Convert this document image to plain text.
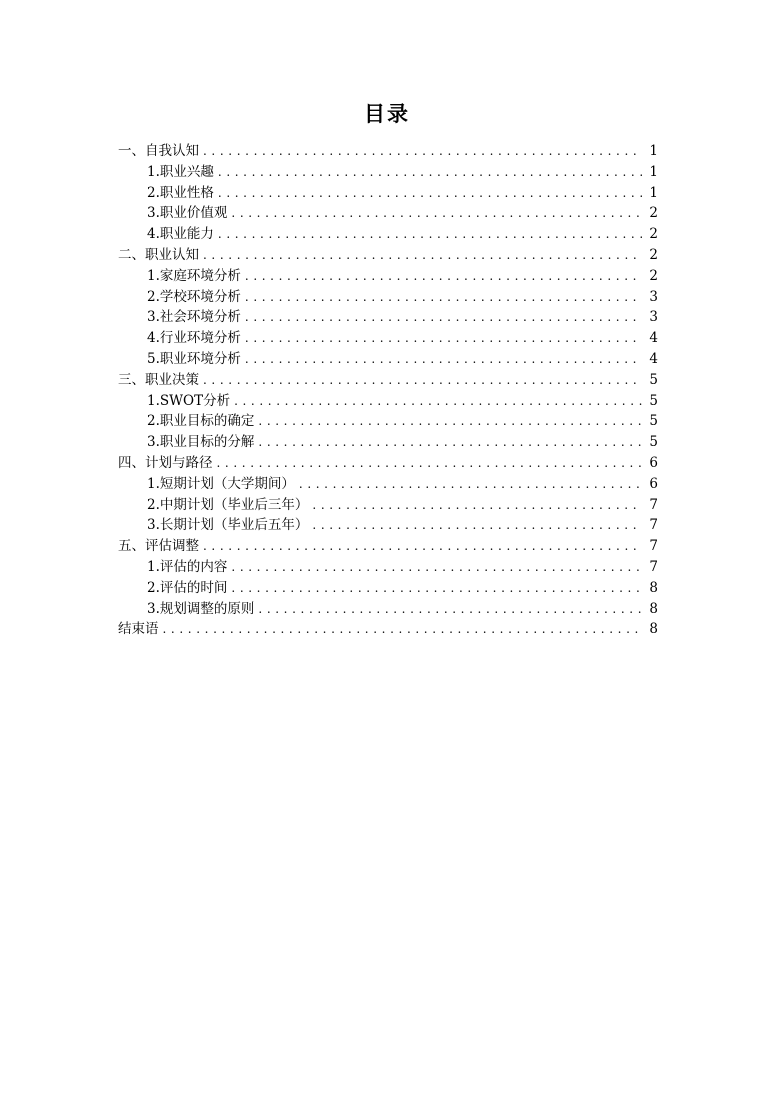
目录
一、自我认知 . . .	1
1.职业兴趣 . . .	1
2.职业性格 . . .	1
3.职业价值观 . . .	2
4.职业能力 . . .	2
二、职业认知 . . .	2
1.家庭环境分析 . . .	2
2.学校环境分析 . . .	3
3.社会环境分析 . . .	3
4.行业环境分析 . . .	4
5.职业环境分析 . . .	4
三、职业决策 . . .	5
1.SWOT分析 . . .	5
2.职业目标的确定 . . .	5
3.职业目标的分解 . . .	5
四、计划与路径 . . .	6
1.短期计划（大学期间） . . .	6
2.中期计划（毕业后三年） . . .	7
3.长期计划（毕业后五年） . . .	7
五、评估调整 . . .	7
1.评估的内容 . . .	7
2.评估的时间 . . .	8
3.规划调整的原则 . . .	8
结束语 . . .	8
